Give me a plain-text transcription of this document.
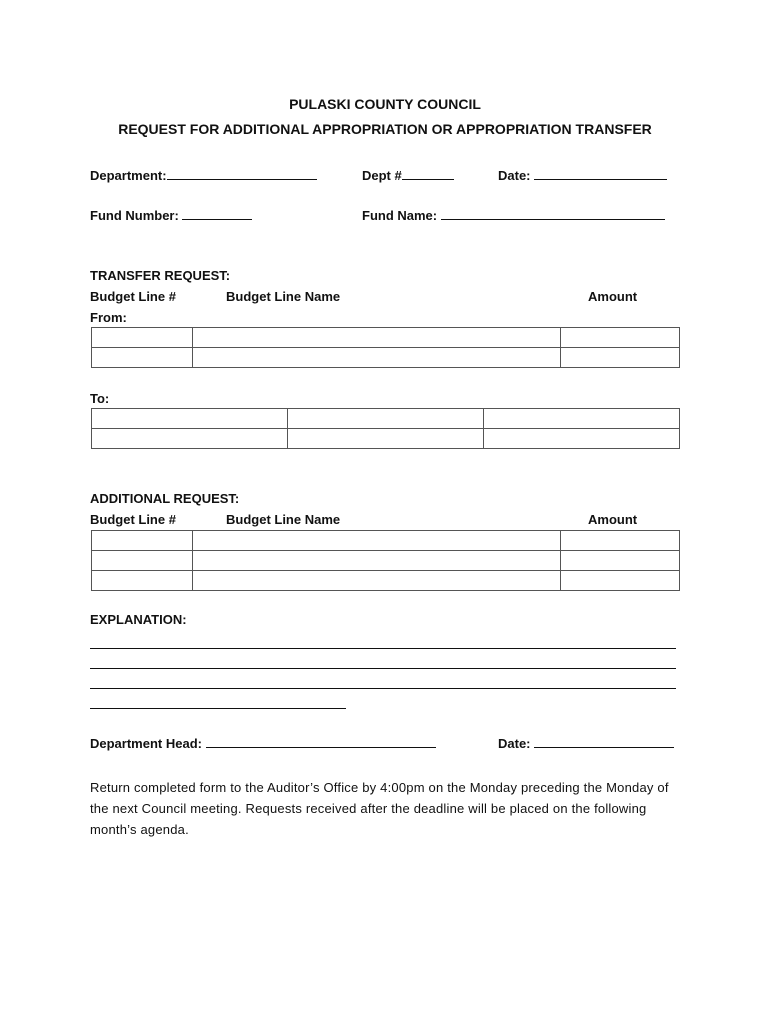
PULASKI COUNTY COUNCIL
REQUEST FOR ADDITIONAL APPROPRIATION OR APPROPRIATION TRANSFER
Department:	Dept #	Date:
Fund Number:	Fund Name:
TRANSFER REQUEST:
Budget Line #	Budget Line Name	Amount
From:

To:

ADDITIONAL REQUEST:
Budget Line #	Budget Line Name	Amount

EXPLANATION:
Department Head:	Date:
Return completed form to the Auditor’s Office by 4:00pm on the Monday preceding the Monday of the next Council meeting. Requests received after the deadline will be placed on the following month’s agenda.
